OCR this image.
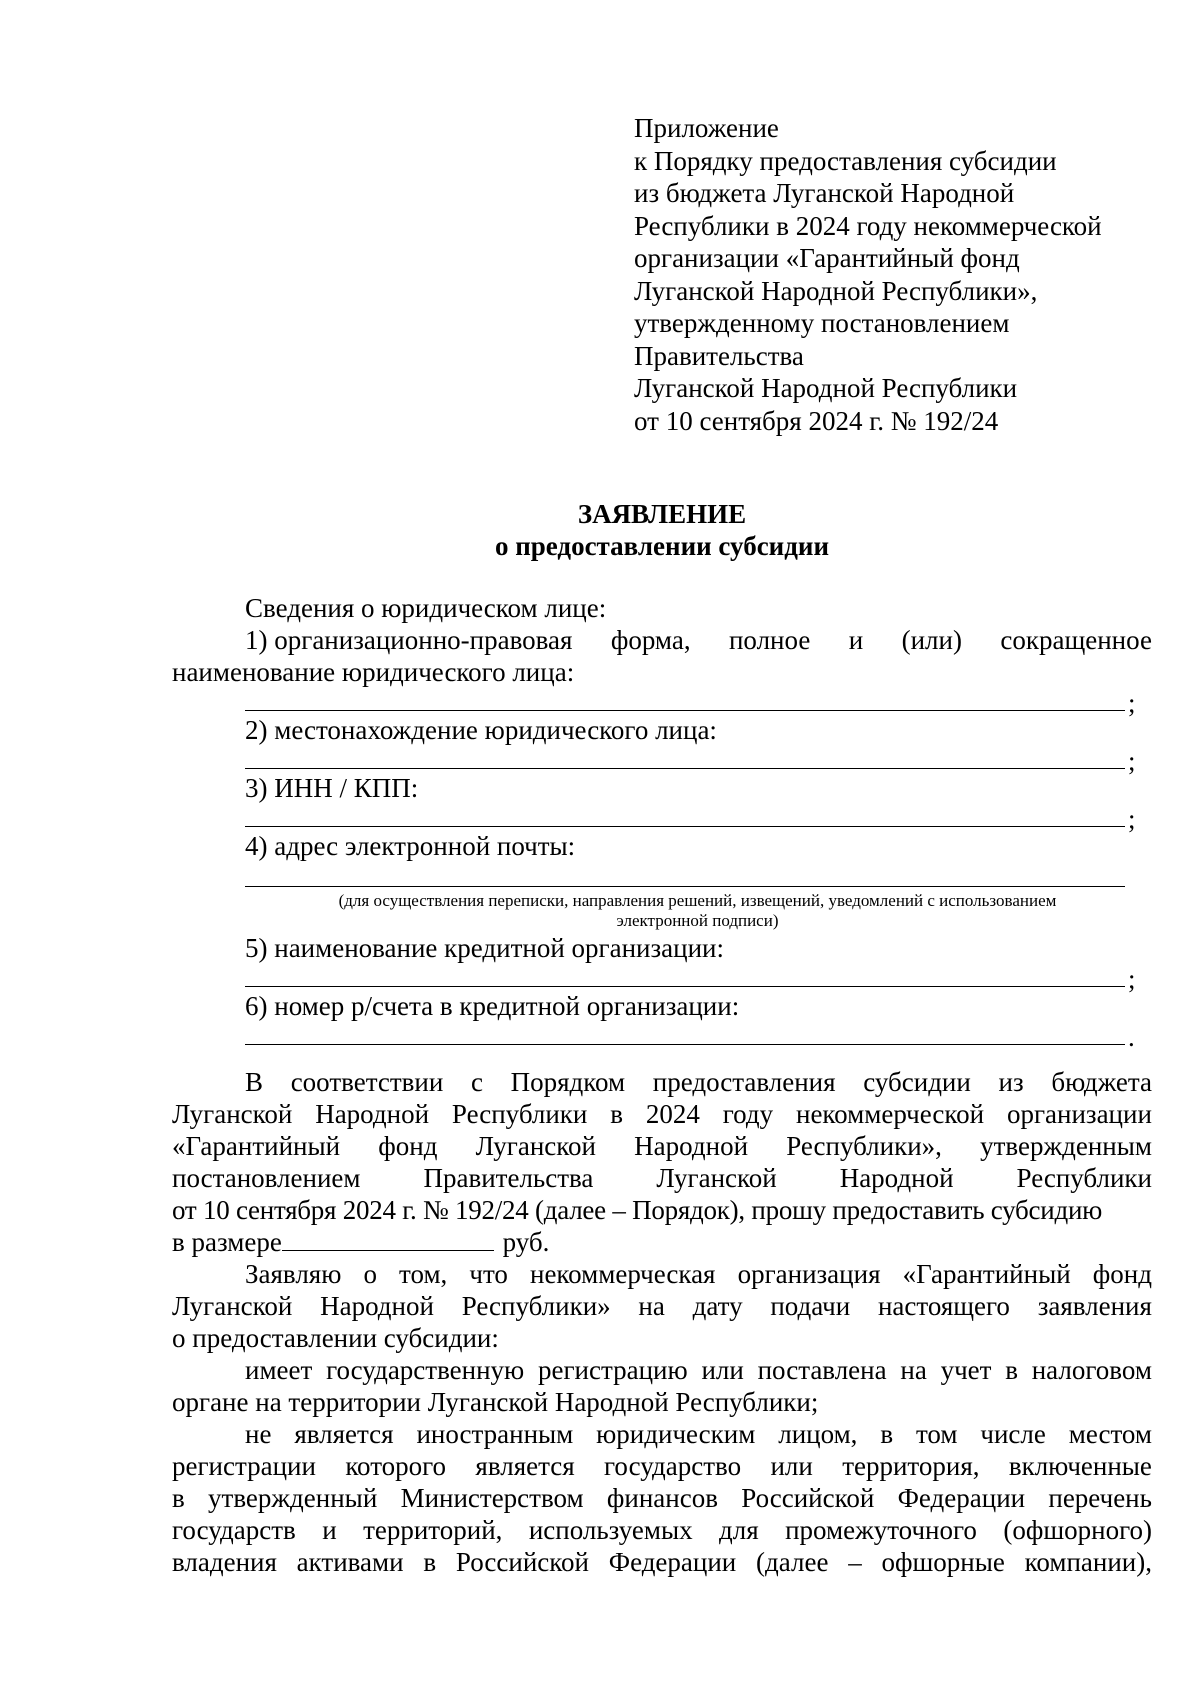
Приложение
к Порядку предоставления субсидии
из бюджета Луганской Народной
Республики в 2024 году некоммерческой
организации «Гарантийный фонд
Луганской Народной Республики»,
утвержденному постановлением
Правительства
Луганской Народной Республики
от 10 сентября 2024 г. № 192/24
ЗАЯВЛЕНИЕ
о предоставлении субсидии
Сведения о юридическом лице:
1) организационно-правовая форма, полное и (или) сокращенное
наименование юридического лица:
2) местонахождение юридического лица:
3) ИНН / КПП:
4) адрес электронной почты:
5) наименование кредитной организации:
6) номер р/счета в кредитной организации:
;
;
;
(для осуществления переписки, направления решений, извещений, уведомлений с использованием
электронной подписи)
;
.
В соответствии с Порядком предоставления субсидии из бюджета
Луганской Народной Республики в 2024 году некоммерческой организации
«Гарантийный фонд Луганской Народной Республики», утвержденным
постановлением Правительства Луганской Народной Республики
от 10 сентября 2024 г. № 192/24 (далее – Порядок), прошу предоставить субсидию
в размере	руб.
Заявляю о том, что некоммерческая организация «Гарантийный фонд
Луганской Народной Республики» на дату подачи настоящего заявления
о предоставлении субсидии:
имеет государственную регистрацию или поставлена на учет в налоговом
органе на территории Луганской Народной Республики;
не является иностранным юридическим лицом, в том числе местом
регистрации которого является государство или территория, включенные
в утвержденный Министерством финансов Российской Федерации перечень
государств и территорий, используемых для промежуточного (офшорного)
владения активами в Российской Федерации (далее – офшорные компании),
